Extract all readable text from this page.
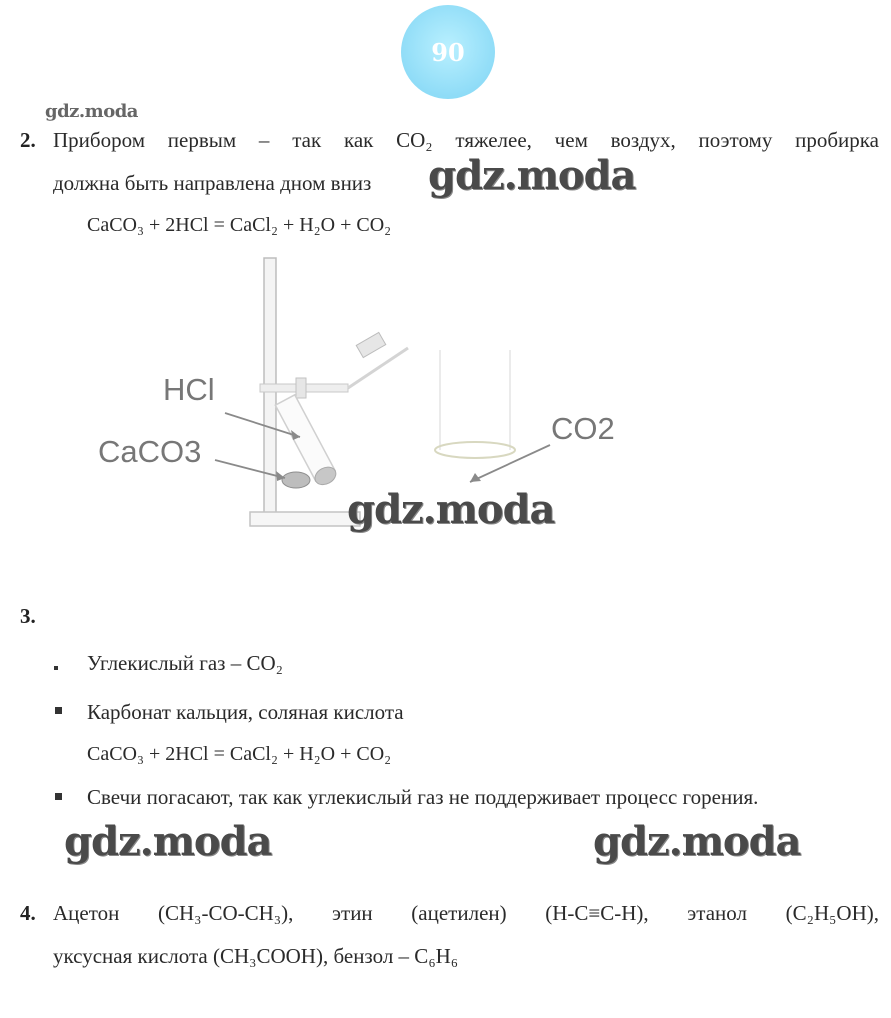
90
gdz.moda
2. Прибором первым – так как CO₂ тяжелее, чем воздух, поэтому пробирка
должна быть направлена дном вниз gdz.moda
CaCO₃ + 2HCl = CaCl₂ + H₂O + CO₂
HCl
CaCO3
CO2
gdz.moda
3.
Углекислый газ – CO₂
Карбонат кальция, соляная кислота
CaCO₃ + 2HCl = CaCl₂ + H₂O + CO₂
Свечи погасают, так как углекислый газ не поддерживает процесс горения.
gdz.moda	gdz.moda
4. Ацетон (CH₃-CO-CH₃), этин (ацетилен) (H-C≡C-H), этанол (C₂H₅OH),
уксусная кислота (CH₃COOH), бензол – C₆H₆
